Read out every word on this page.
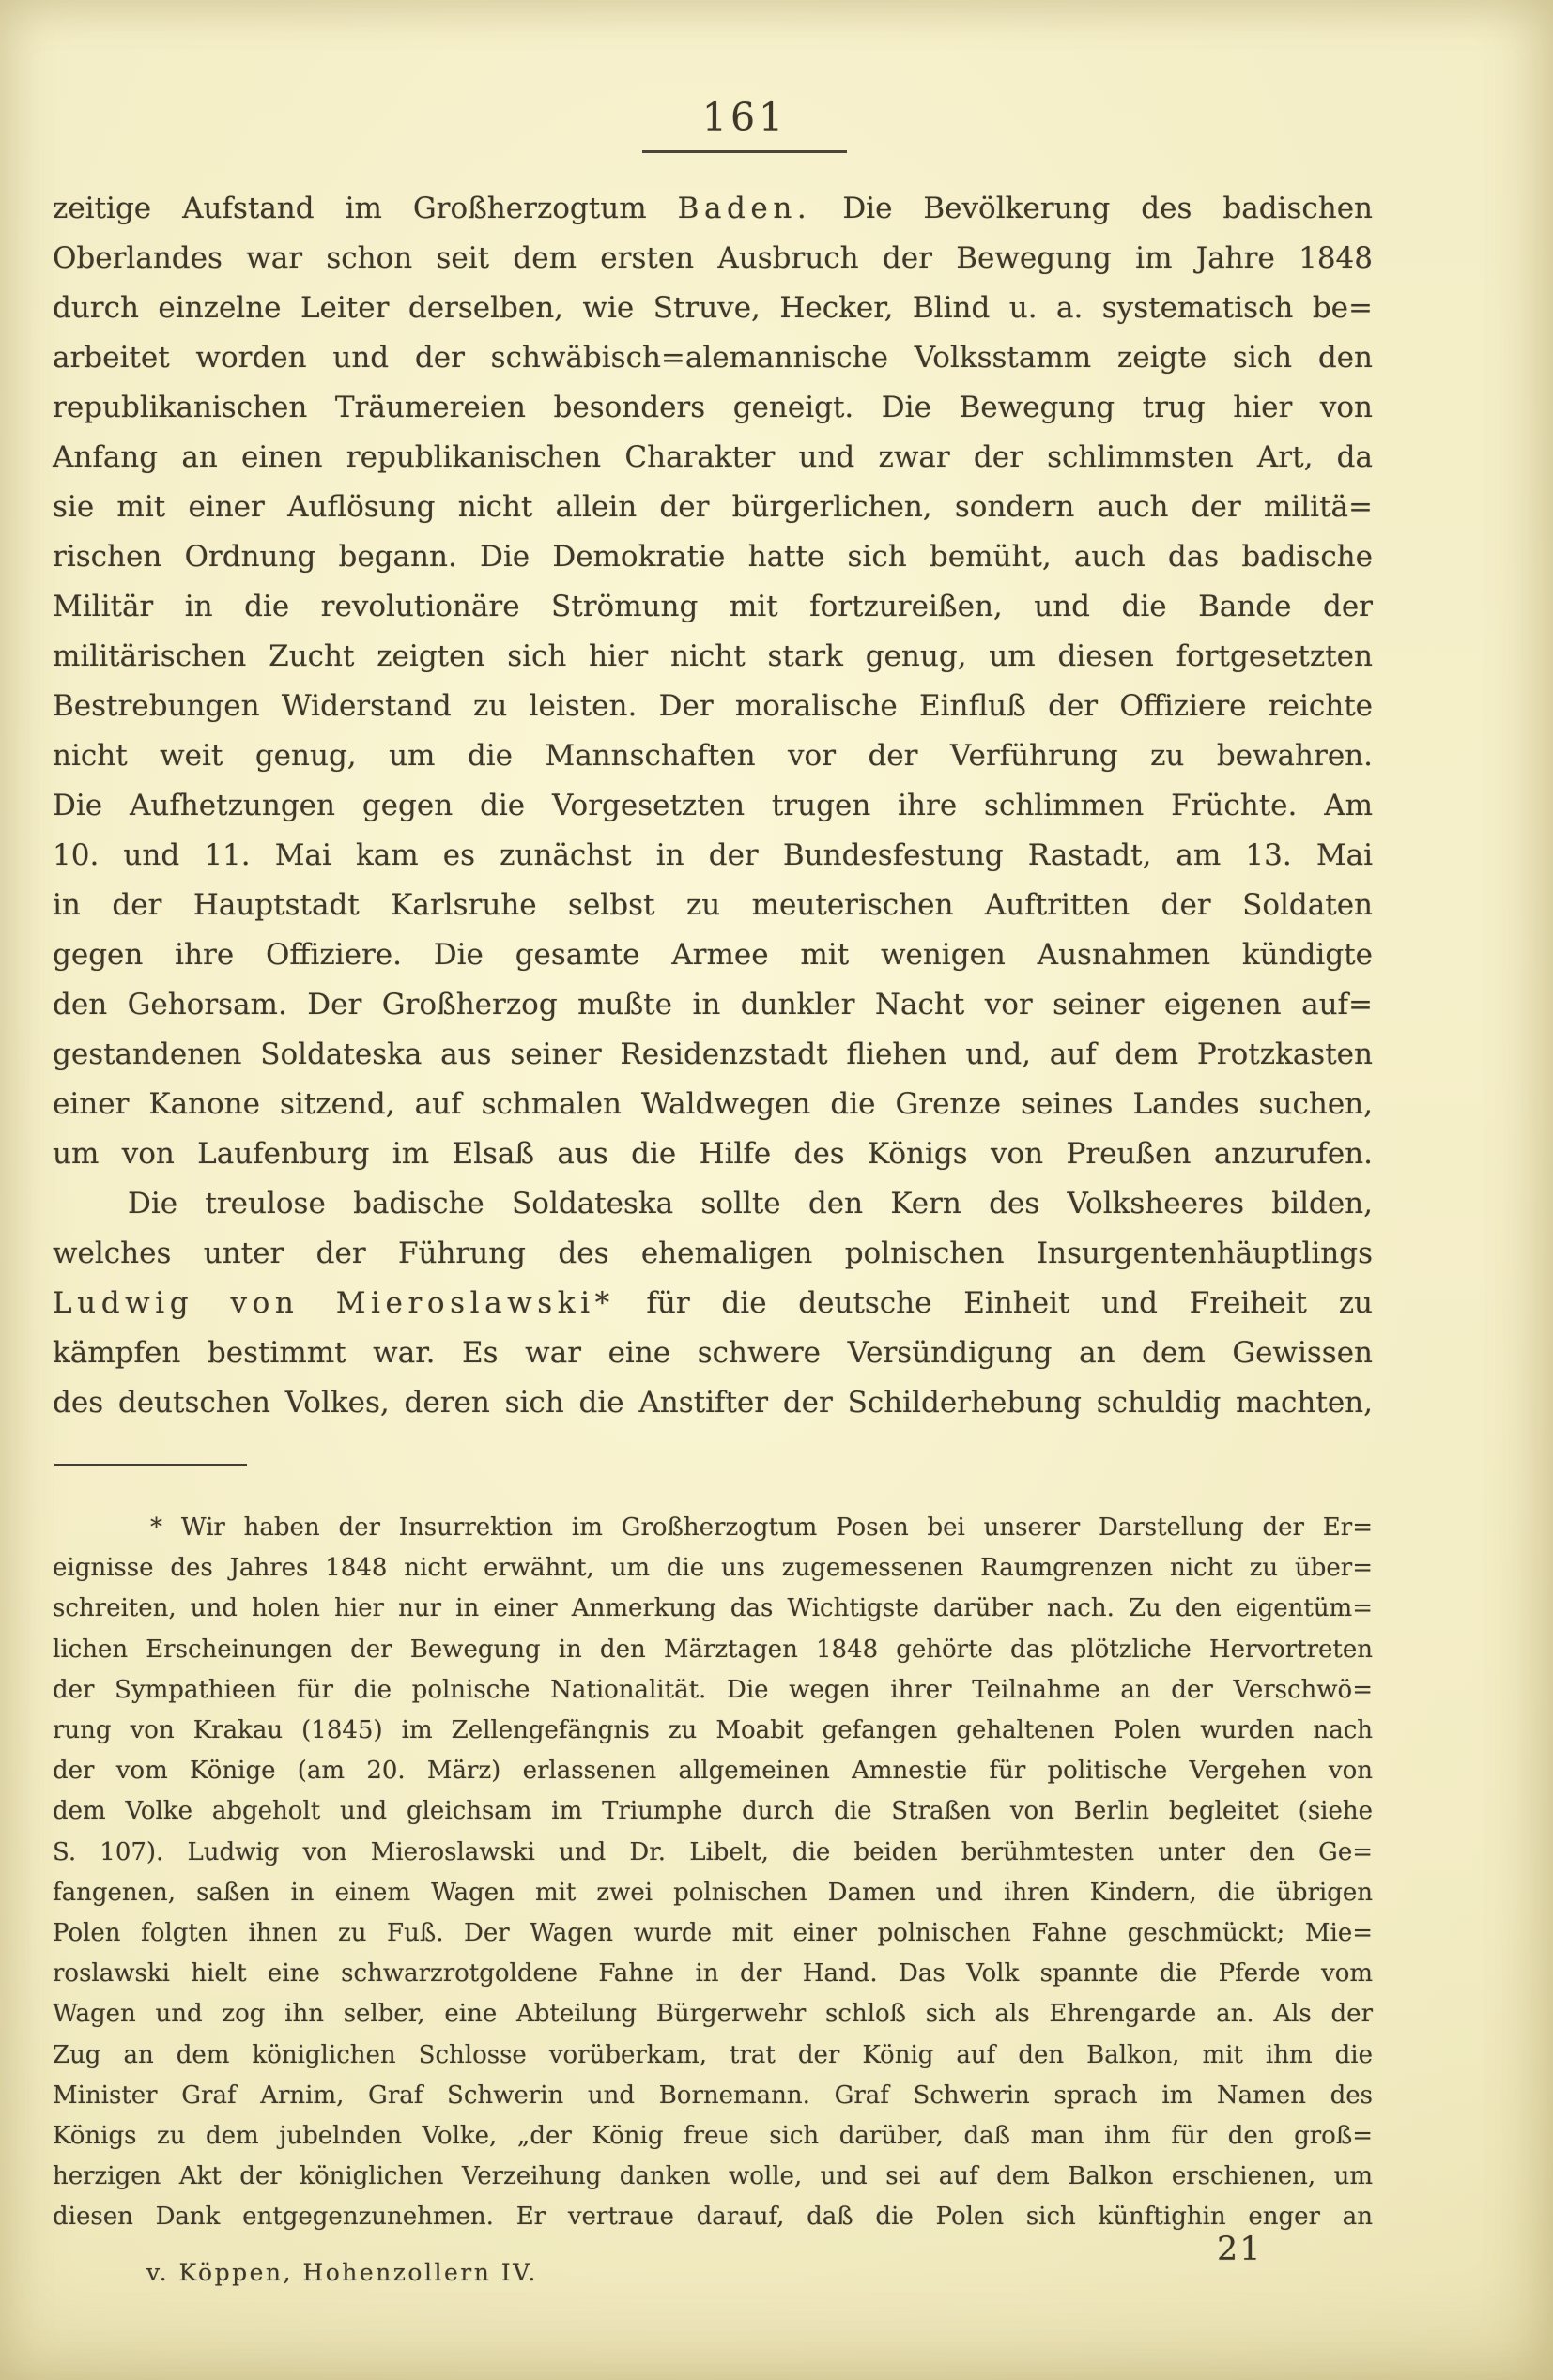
161
zeitige Aufstand im Großherzogtum Baden. Die Bevölkerung des badischen
Oberlandes war schon seit dem ersten Ausbruch der Bewegung im Jahre 1848
durch einzelne Leiter derselben, wie Struve, Hecker, Blind u. a. systematisch be=
arbeitet worden und der schwäbisch=alemannische Volksstamm zeigte sich den
republikanischen Träumereien besonders geneigt. Die Bewegung trug hier von
Anfang an einen republikanischen Charakter und zwar der schlimmsten Art, da
sie mit einer Auflösung nicht allein der bürgerlichen, sondern auch der militä=
rischen Ordnung begann. Die Demokratie hatte sich bemüht, auch das badische
Militär in die revolutionäre Strömung mit fortzureißen, und die Bande der
militärischen Zucht zeigten sich hier nicht stark genug, um diesen fortgesetzten
Bestrebungen Widerstand zu leisten. Der moralische Einfluß der Offiziere reichte
nicht weit genug, um die Mannschaften vor der Verführung zu bewahren.
Die Aufhetzungen gegen die Vorgesetzten trugen ihre schlimmen Früchte. Am
10. und 11. Mai kam es zunächst in der Bundesfestung Rastadt, am 13. Mai
in der Hauptstadt Karlsruhe selbst zu meuterischen Auftritten der Soldaten
gegen ihre Offiziere. Die gesamte Armee mit wenigen Ausnahmen kündigte
den Gehorsam. Der Großherzog mußte in dunkler Nacht vor seiner eigenen auf=
gestandenen Soldateska aus seiner Residenzstadt fliehen und, auf dem Protzkasten
einer Kanone sitzend, auf schmalen Waldwegen die Grenze seines Landes suchen,
um von Laufenburg im Elsaß aus die Hilfe des Königs von Preußen anzurufen.
Die treulose badische Soldateska sollte den Kern des Volksheeres bilden,
welches unter der Führung des ehemaligen polnischen Insurgentenhäuptlings
Ludwig von Mieroslawski* für die deutsche Einheit und Freiheit zu
kämpfen bestimmt war. Es war eine schwere Versündigung an dem Gewissen
des deutschen Volkes, deren sich die Anstifter der Schilderhebung schuldig machten,
* Wir haben der Insurrektion im Großherzogtum Posen bei unserer Darstellung der Er=
eignisse des Jahres 1848 nicht erwähnt, um die uns zugemessenen Raumgrenzen nicht zu über=
schreiten, und holen hier nur in einer Anmerkung das Wichtigste darüber nach. Zu den eigentüm=
lichen Erscheinungen der Bewegung in den Märztagen 1848 gehörte das plötzliche Hervortreten
der Sympathieen für die polnische Nationalität. Die wegen ihrer Teilnahme an der Verschwö=
rung von Krakau (1845) im Zellengefängnis zu Moabit gefangen gehaltenen Polen wurden nach
der vom Könige (am 20. März) erlassenen allgemeinen Amnestie für politische Vergehen von
dem Volke abgeholt und gleichsam im Triumphe durch die Straßen von Berlin begleitet (siehe
S. 107). Ludwig von Mieroslawski und Dr. Libelt, die beiden berühmtesten unter den Ge=
fangenen, saßen in einem Wagen mit zwei polnischen Damen und ihren Kindern, die übrigen
Polen folgten ihnen zu Fuß. Der Wagen wurde mit einer polnischen Fahne geschmückt; Mie=
roslawski hielt eine schwarzrotgoldene Fahne in der Hand. Das Volk spannte die Pferde vom
Wagen und zog ihn selber, eine Abteilung Bürgerwehr schloß sich als Ehrengarde an. Als der
Zug an dem königlichen Schlosse vorüberkam, trat der König auf den Balkon, mit ihm die
Minister Graf Arnim, Graf Schwerin und Bornemann. Graf Schwerin sprach im Namen des
Königs zu dem jubelnden Volke, „der König freue sich darüber, daß man ihm für den groß=
herzigen Akt der königlichen Verzeihung danken wolle, und sei auf dem Balkon erschienen, um
diesen Dank entgegenzunehmen. Er vertraue darauf, daß die Polen sich künftighin enger an
v. Köppen, Hohenzollern IV.
21
